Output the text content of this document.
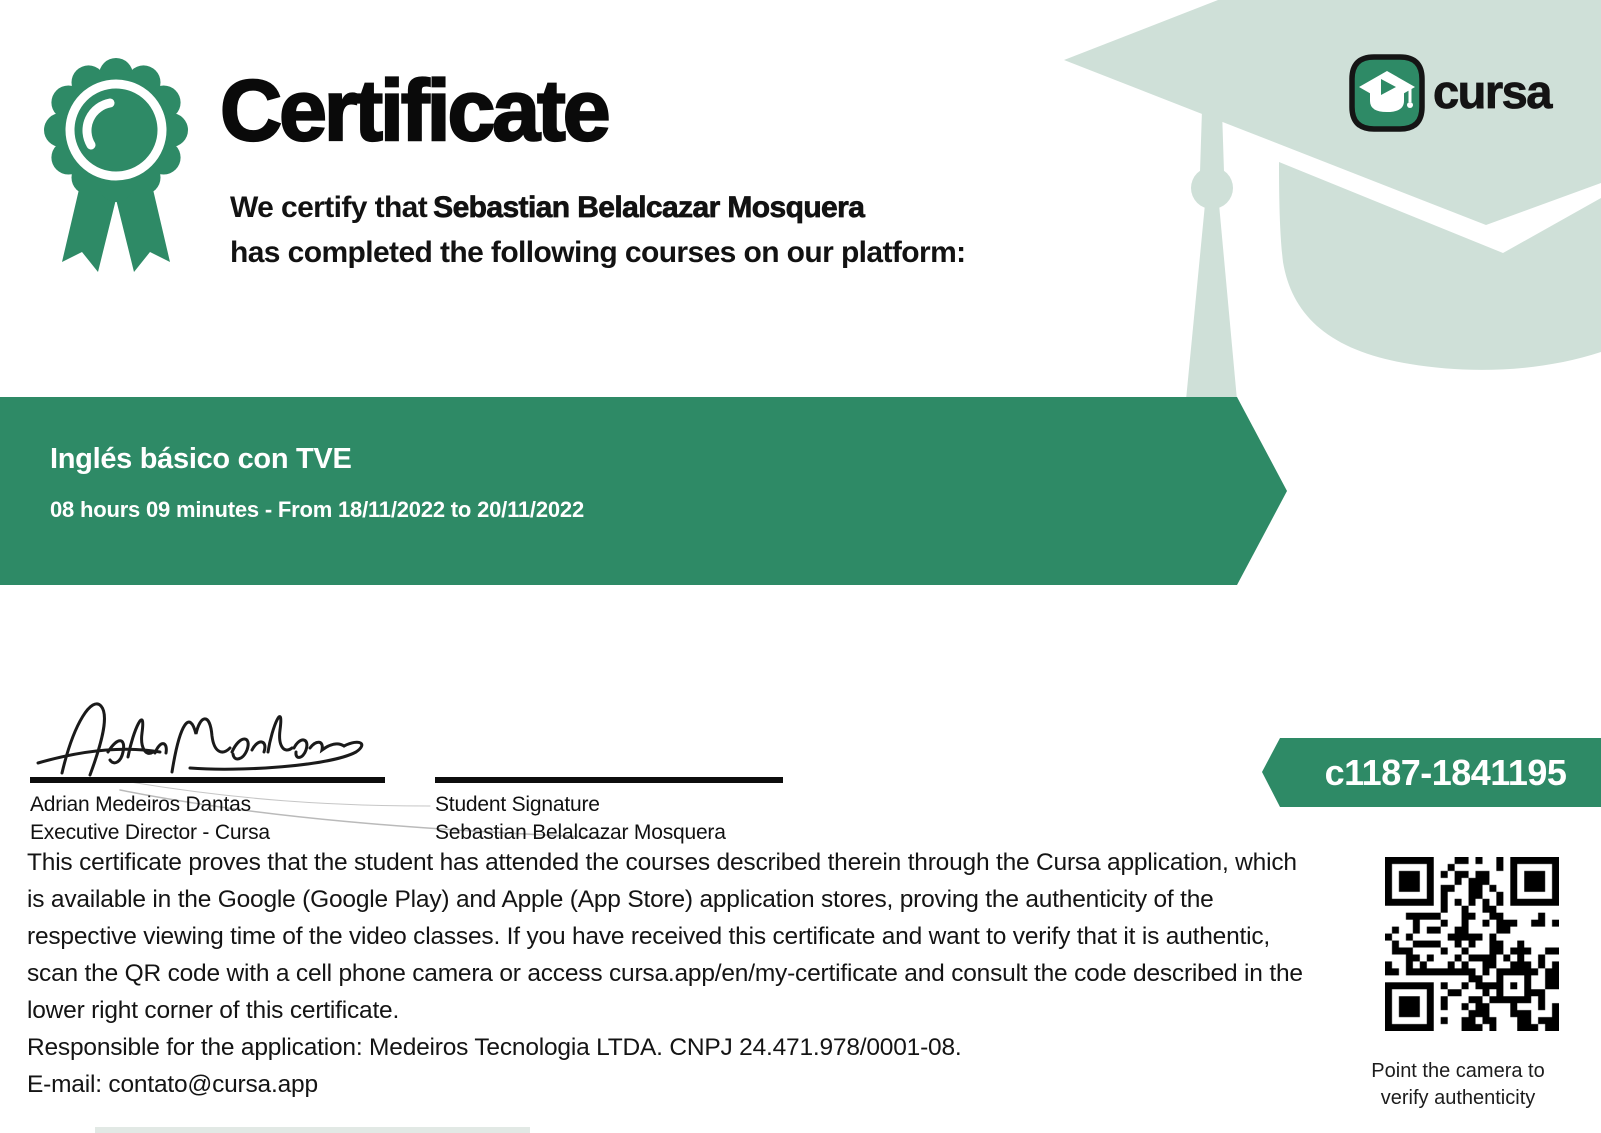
Certificate
We certify that Sebastian Belalcazar Mosquera
has completed the following courses on our platform:
cursa
Inglés básico con TVE
08 hours 09 minutes - From 18/11/2022 to 20/11/2022
Adrian Medeiros Dantas
Executive Director - Cursa
Student Signature
Sebastian Belalcazar Mosquera
c1187-1841195
This certificate proves that the student has attended the courses described therein through the Cursa application, which
is available in the Google (Google Play) and Apple (App Store) application stores, proving the authenticity of the
respective viewing time of the video classes. If you have received this certificate and want to verify that it is authentic,
scan the QR code with a cell phone camera or access cursa.app/en/my-certificate and consult the code described in the
lower right corner of this certificate.
Responsible for the application: Medeiros Tecnologia LTDA. CNPJ 24.471.978/0001-08.
E-mail: contato@cursa.app	Point the camera to
verify authenticity
